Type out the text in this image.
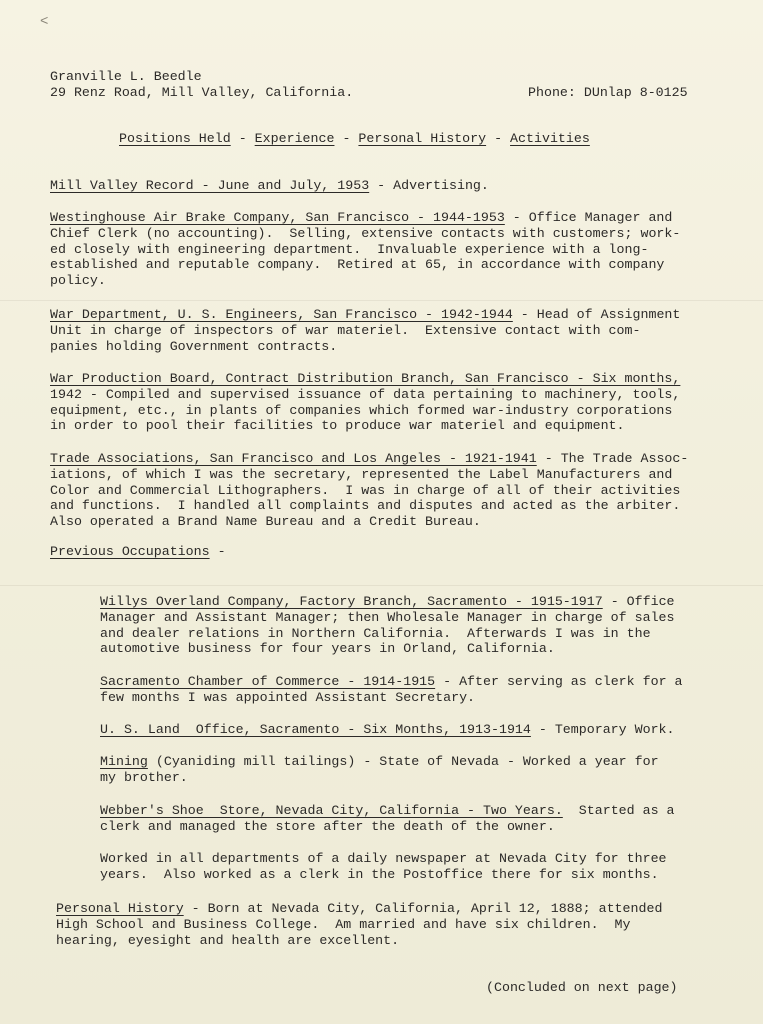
<
Granville L. Beedle
29 Renz Road, Mill Valley, California.	Phone: DUnlap 8-0125
Positions Held - Experience - Personal History - Activities
Mill Valley Record - June and July, 1953 - Advertising.
Westinghouse Air Brake Company, San Francisco - 1944-1953 - Office Manager and
Chief Clerk (no accounting).  Selling, extensive contacts with customers; work-
ed closely with engineering department.  Invaluable experience with a long-
established and reputable company.  Retired at 65, in accordance with company
policy.
War Department, U. S. Engineers, San Francisco - 1942-1944 - Head of Assignment
Unit in charge of inspectors of war materiel.  Extensive contact with com-
panies holding Government contracts.
War Production Board, Contract Distribution Branch, San Francisco - Six months,
1942 - Compiled and supervised issuance of data pertaining to machinery, tools,
equipment, etc., in plants of companies which formed war-industry corporations
in order to pool their facilities to produce war materiel and equipment.
Trade Associations, San Francisco and Los Angeles - 1921-1941 - The Trade Assoc-
iations, of which I was the secretary, represented the Label Manufacturers and
Color and Commercial Lithographers.  I was in charge of all of their activities
and functions.  I handled all complaints and disputes and acted as the arbiter.
Also operated a Brand Name Bureau and a Credit Bureau.
Previous Occupations -
Willys Overland Company, Factory Branch, Sacramento - 1915-1917 - Office
Manager and Assistant Manager; then Wholesale Manager in charge of sales
and dealer relations in Northern California.  Afterwards I was in the
automotive business for four years in Orland, California.
Sacramento Chamber of Commerce - 1914-1915 - After serving as clerk for a
few months I was appointed Assistant Secretary.
U. S. Land  Office, Sacramento - Six Months, 1913-1914 - Temporary Work.
Mining (Cyaniding mill tailings) - State of Nevada - Worked a year for
my brother.
Webber's Shoe  Store, Nevada City, California - Two Years.  Started as a
clerk and managed the store after the death of the owner.
Worked in all departments of a daily newspaper at Nevada City for three
years.  Also worked as a clerk in the Postoffice there for six months.
Personal History - Born at Nevada City, California, April 12, 1888; attended
High School and Business College.  Am married and have six children.  My
hearing, eyesight and health are excellent.
(Concluded on next page)
